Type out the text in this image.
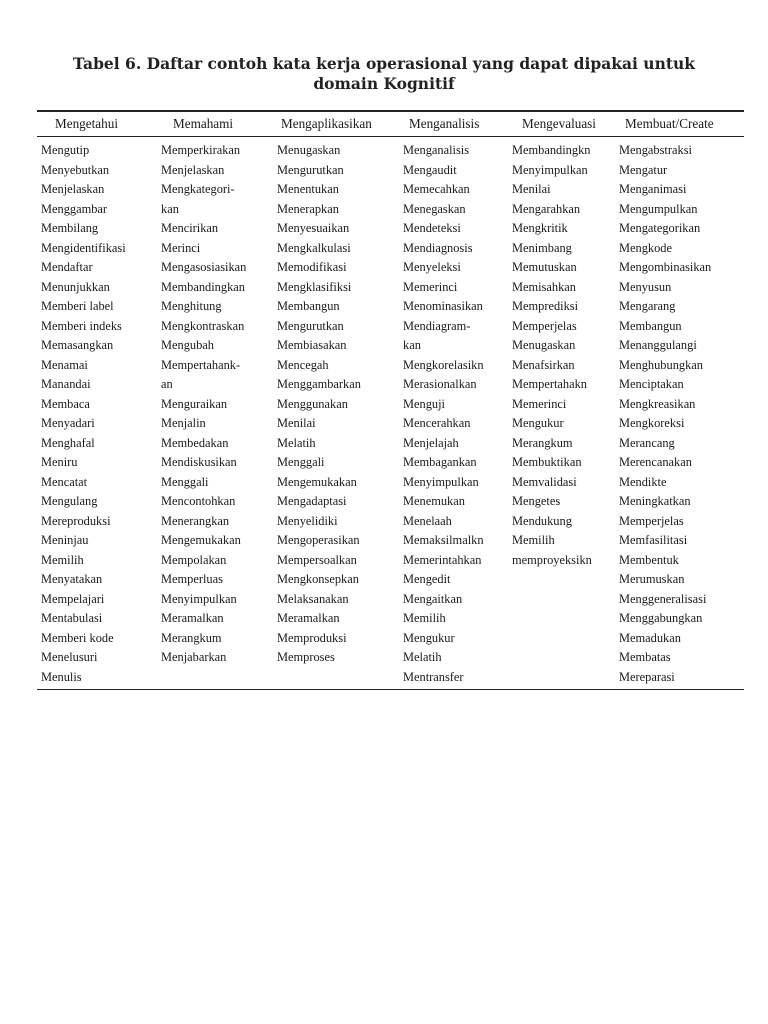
Tabel 6. Daftar contoh kata kerja operasional yang dapat dipakai untuk
domain Kognitif
Mengetahui	Memahami	Mengaplikasikan	Menganalisis	Mengevaluasi	Membuat/Create
Mengutip	Memperkirakan	Menugaskan	Menganalisis	Membandingkn	Mengabstraksi
Menyebutkan	Menjelaskan	Mengurutkan	Mengaudit	Menyimpulkan	Mengatur
Menjelaskan	Mengkategori-	Menentukan	Memecahkan	Menilai	Menganimasi
Menggambar	kan	Menerapkan	Menegaskan	Mengarahkan	Mengumpulkan
Membilang	Mencirikan	Menyesuaikan	Mendeteksi	Mengkritik	Mengategorikan
Mengidentifikasi	Merinci	Mengkalkulasi	Mendiagnosis	Menimbang	Mengkode
Mendaftar	Mengasosiasikan	Memodifikasi	Menyeleksi	Memutuskan	Mengombinasikan
Menunjukkan	Membandingkan	Mengklasifiksi	Memerinci	Memisahkan	Menyusun
Memberi label	Menghitung	Membangun	Menominasikan	Memprediksi	Mengarang
Memberi indeks	Mengkontraskan	Mengurutkan	Mendiagram-	Memperjelas	Membangun
Memasangkan	Mengubah	Membiasakan	kan	Menugaskan	Menanggulangi
Menamai	Mempertahank-	Mencegah	Mengkorelasikn	Menafsirkan	Menghubungkan
Manandai	an	Menggambarkan	Merasionalkan	Mempertahakn	Menciptakan
Membaca	Menguraikan	Menggunakan	Menguji	Memerinci	Mengkreasikan
Menyadari	Menjalin	Menilai	Mencerahkan	Mengukur	Mengkoreksi
Menghafal	Membedakan	Melatih	Menjelajah	Merangkum	Merancang
Meniru	Mendiskusikan	Menggali	Membagankan	Membuktikan	Merencanakan
Mencatat	Menggali	Mengemukakan	Menyimpulkan	Memvalidasi	Mendikte
Mengulang	Mencontohkan	Mengadaptasi	Menemukan	Mengetes	Meningkatkan
Mereproduksi	Menerangkan	Menyelidiki	Menelaah	Mendukung	Memperjelas
Meninjau	Mengemukakan	Mengoperasikan	Memaksilmalkn	Memilih	Memfasilitasi
Memilih	Mempolakan	Mempersoalkan	Memerintahkan	memproyeksikn	Membentuk
Menyatakan	Memperluas	Mengkonsepkan	Mengedit		Merumuskan
Mempelajari	Menyimpulkan	Melaksanakan	Mengaitkan		Menggeneralisasi
Mentabulasi	Meramalkan	Meramalkan	Memilih		Menggabungkan
Memberi kode	Merangkum	Memproduksi	Mengukur		Memadukan
Menelusuri	Menjabarkan	Memproses	Melatih		Membatas
Menulis			Mentransfer		Mereparasi
